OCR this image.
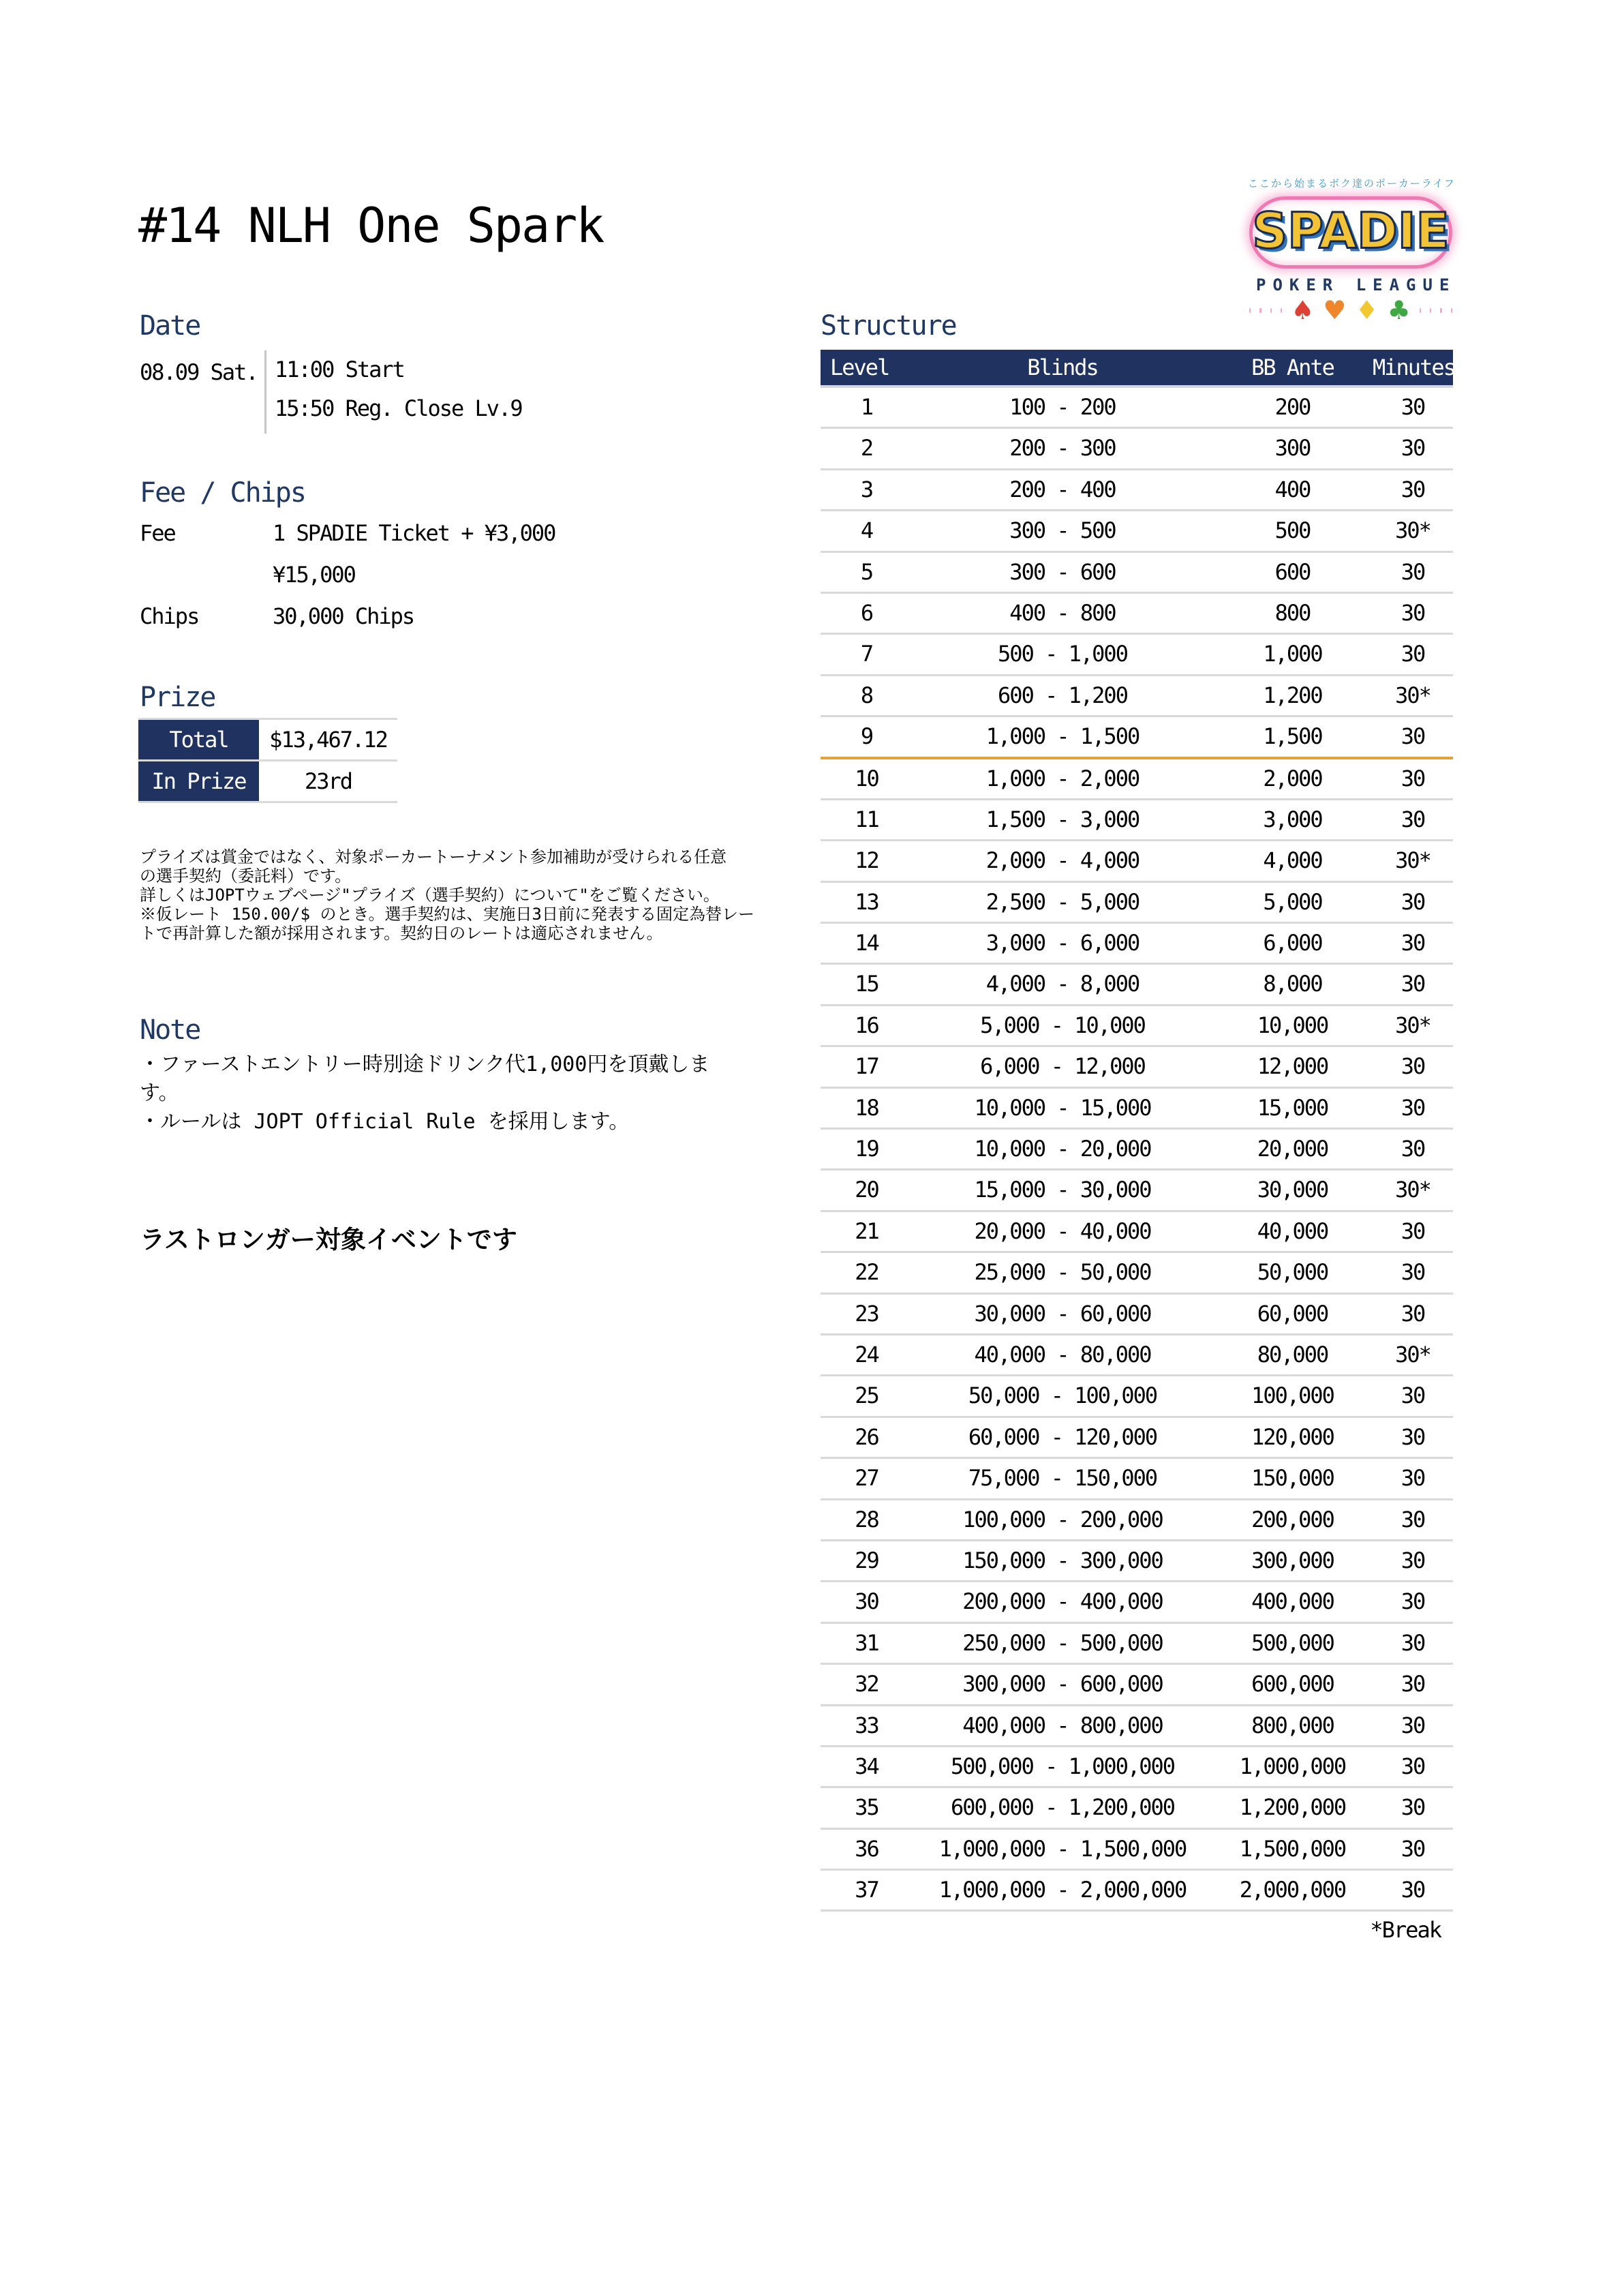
#14 NLH One Spark
ここから始まるボク達のポーカーライフ
SPADIE
POKER LEAGUE
♠ ♥ ♦ ♣
Date
08.09 Sat. 11:00 Start
15:50 Reg. Close Lv.9
Fee / Chips
Fee	1 SPADIE Ticket + ¥3,000
¥15,000
Chips	30,000 Chips
Prize
Total	$13,467.12
In Prize	23rd
プライズは賞金ではなく、対象ポーカートーナメント参加補助が受けられる任意
の選手契約（委託料）です。
詳しくはJOPTウェブページ"プライズ（選手契約）について"をご覧ください。
※仮レート 150.00/$ のとき。選手契約は、実施日3日前に発表する固定為替レー
トで再計算した額が採用されます。契約日のレートは適応されません。
Note
・ファーストエントリー時別途ドリンク代1,000円を頂戴しま
す。
・ルールは JOPT Official Rule を採用します。
ラストロンガー対象イベントです
Structure
Level	Blinds	BB Ante	Minutes
1	100 - 200	200	30
2	200 - 300	300	30
3	200 - 400	400	30
4	300 - 500	500	30*
5	300 - 600	600	30
6	400 - 800	800	30
7	500 - 1,000	1,000	30
8	600 - 1,200	1,200	30*
9	1,000 - 1,500	1,500	30
10	1,000 - 2,000	2,000	30
11	1,500 - 3,000	3,000	30
12	2,000 - 4,000	4,000	30*
13	2,500 - 5,000	5,000	30
14	3,000 - 6,000	6,000	30
15	4,000 - 8,000	8,000	30
16	5,000 - 10,000	10,000	30*
17	6,000 - 12,000	12,000	30
18	10,000 - 15,000	15,000	30
19	10,000 - 20,000	20,000	30
20	15,000 - 30,000	30,000	30*
21	20,000 - 40,000	40,000	30
22	25,000 - 50,000	50,000	30
23	30,000 - 60,000	60,000	30
24	40,000 - 80,000	80,000	30*
25	50,000 - 100,000	100,000	30
26	60,000 - 120,000	120,000	30
27	75,000 - 150,000	150,000	30
28	100,000 - 200,000	200,000	30
29	150,000 - 300,000	300,000	30
30	200,000 - 400,000	400,000	30
31	250,000 - 500,000	500,000	30
32	300,000 - 600,000	600,000	30
33	400,000 - 800,000	800,000	30
34	500,000 - 1,000,000	1,000,000	30
35	600,000 - 1,200,000	1,200,000	30
36	1,000,000 - 1,500,000	1,500,000	30
37	1,000,000 - 2,000,000	2,000,000	30
*Break
